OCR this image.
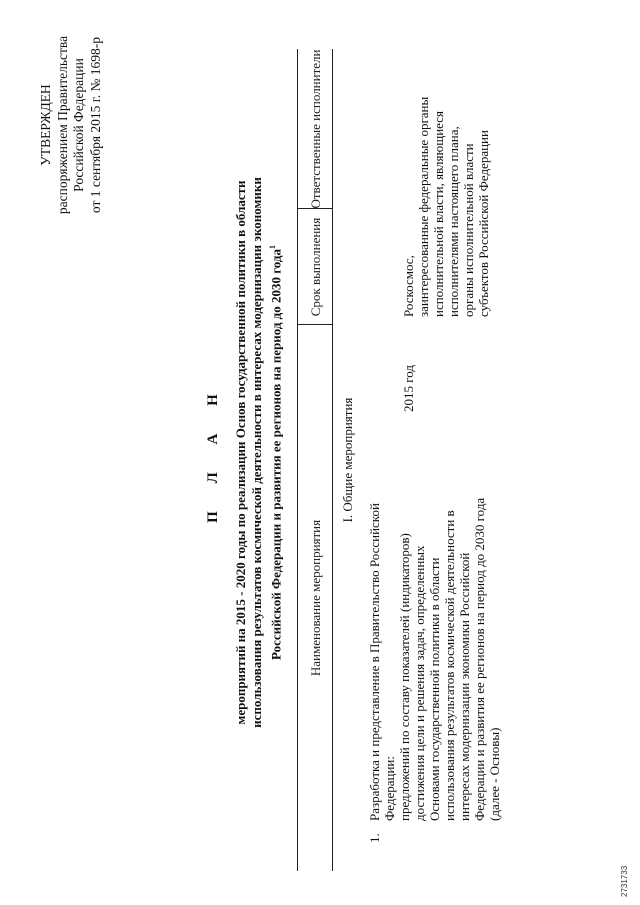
УТВЕРЖДЕН распоряжением Правительства Российской Федерации от 1 сентября 2015 г. № 1698-р
П Л А Н мероприятий на 2015 - 2020 годы по реализации Основ государственной политики в области использования результатов космической деятельности в интересах модернизации экономики Российской Федерации и развития ее регионов на период до 2030 года$^1$
Наименование мероприятия
Срок выполнения
Ответственные исполнители
I. Общие мероприятия
1.
Разработка и представление в Правительство Российской Федерации: предложений по составу показателей (индикаторов) достижения цели и решения задач, определенных Основами государственной политики в области использования результатов космической деятельности в интересах модернизации экономики Российской Федерации и развития ее регионов на период до 2030 года (далее - Основы)
2015 год
Роскосмос, заинтересованные федеральные органы исполнительной власти, являющиеся исполнителями настоящего плана, органы исполнительной власти субъектов Российской Федерации
2731733
